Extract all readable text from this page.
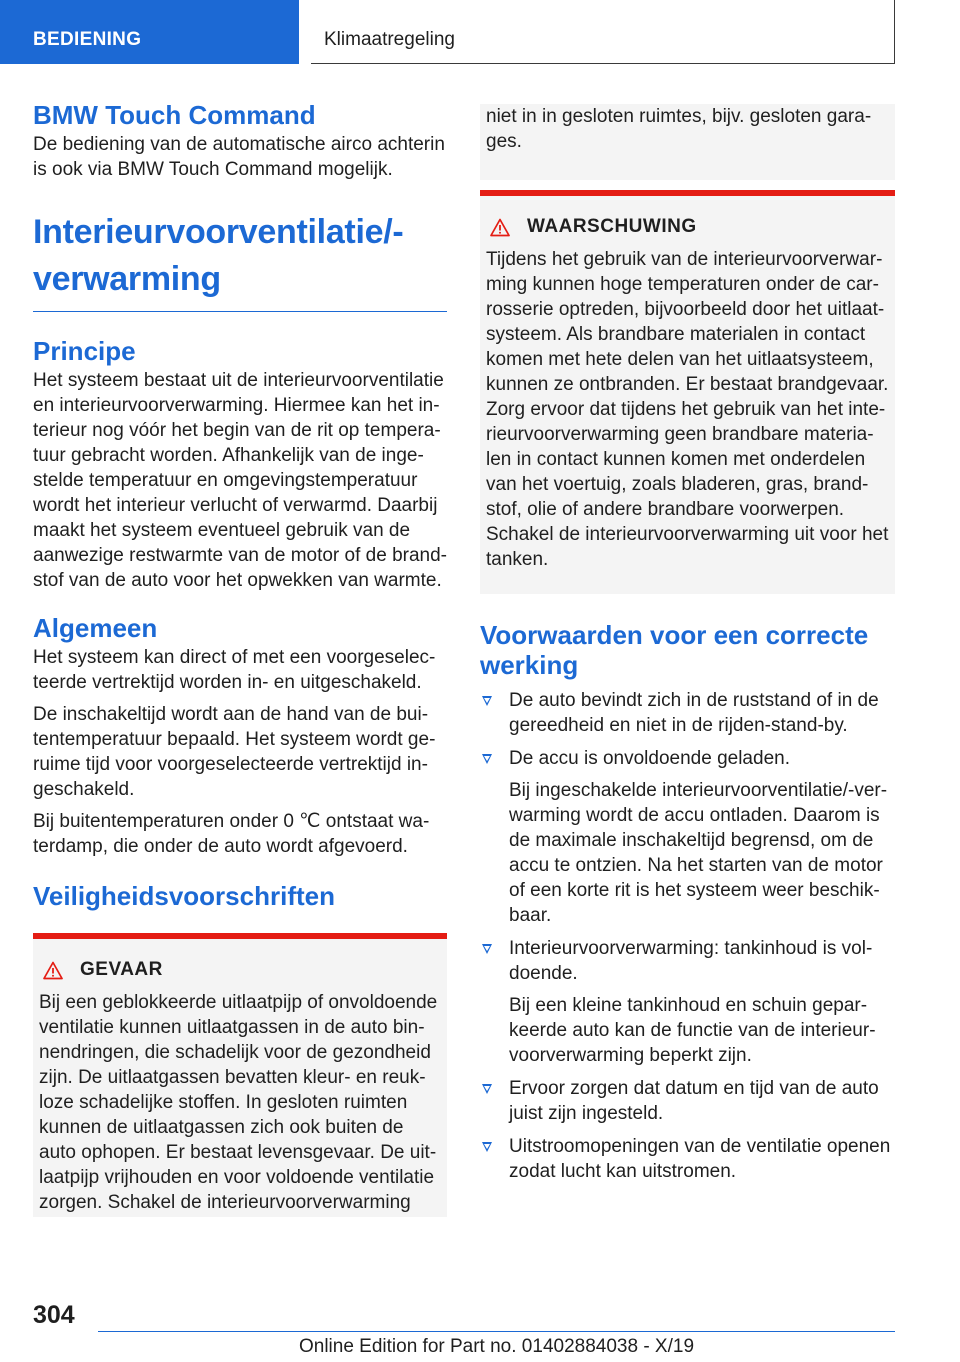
BEDIENING	Klimaatregeling
BMW Touch Command
De bediening van de automatische airco achterin is ook via BMW Touch Command mogelijk.
Interieurvoorventilatie/-
verwarming
Principe
Het systeem bestaat uit de interieurvoorventilatie en interieurvoorverwarming. Hiermee kan het interieur nog vóór het begin van de rit op temperatuur gebracht worden. Afhankelijk van de ingestelde temperatuur en omgevingstemperatuur wordt het interieur verlucht of verwarmd. Daarbij maakt het systeem eventueel gebruik van de aanwezige restwarmte van de motor of de brandstof van de auto voor het opwekken van warmte.
Algemeen
Het systeem kan direct of met een voorgeselecteerde vertrektijd worden in- en uitgeschakeld.
De inschakeltijd wordt aan de hand van de buitentemperatuur bepaald. Het systeem wordt geruime tijd voor voorgeselecteerde vertrektijd ingeschakeld.
Bij buitentemperaturen onder 0 ℃ ontstaat waterdamp, die onder de auto wordt afgevoerd.
Veiligheidsvoorschriften
GEVAAR
Bij een geblokkeerde uitlaatpijp of onvoldoende ventilatie kunnen uitlaatgassen in de auto binnendringen, die schadelijk voor de gezondheid zijn. De uitlaatgassen bevatten kleur- en reukloze schadelijke stoffen. In gesloten ruimten kunnen de uitlaatgassen zich ook buiten de auto ophopen. Er bestaat levensgevaar. De uitlaatpijp vrijhouden en voor voldoende ventilatie zorgen. Schakel de interieurvoorverwarming
niet in in gesloten ruimtes, bijv. gesloten garages.
WAARSCHUWING
Tijdens het gebruik van de interieurvoorverwarming kunnen hoge temperaturen onder de carrosserie optreden, bijvoorbeeld door het uitlaatsysteem. Als brandbare materialen in contact komen met hete delen van het uitlaatsysteem, kunnen ze ontbranden. Er bestaat brandgevaar. Zorg ervoor dat tijdens het gebruik van het interieurvoorverwarming geen brandbare materialen in contact kunnen komen met onderdelen van het voertuig, zoals bladeren, gras, brandstof, olie of andere brandbare voorwerpen. Schakel de interieurvoorverwarming uit voor het tanken.
Voorwaarden voor een correcte werking
De auto bevindt zich in de ruststand of in de gereedheid en niet in de rijden-stand-by.
De accu is onvoldoende geladen.
Bij ingeschakelde interieurvoorventilatie/-verwarming wordt de accu ontladen. Daarom is de maximale inschakeltijd begrensd, om de accu te ontzien. Na het starten van de motor of een korte rit is het systeem weer beschikbaar.
Interieurvoorverwarming: tankinhoud is voldoende.
Bij een kleine tankinhoud en schuin geparkeerde auto kan de functie van de interieurvoorverwarming beperkt zijn.
Ervoor zorgen dat datum en tijd van de auto juist zijn ingesteld.
Uitstroomopeningen van de ventilatie openen zodat lucht kan uitstromen.
304
Online Edition for Part no. 01402884038 - X/19
